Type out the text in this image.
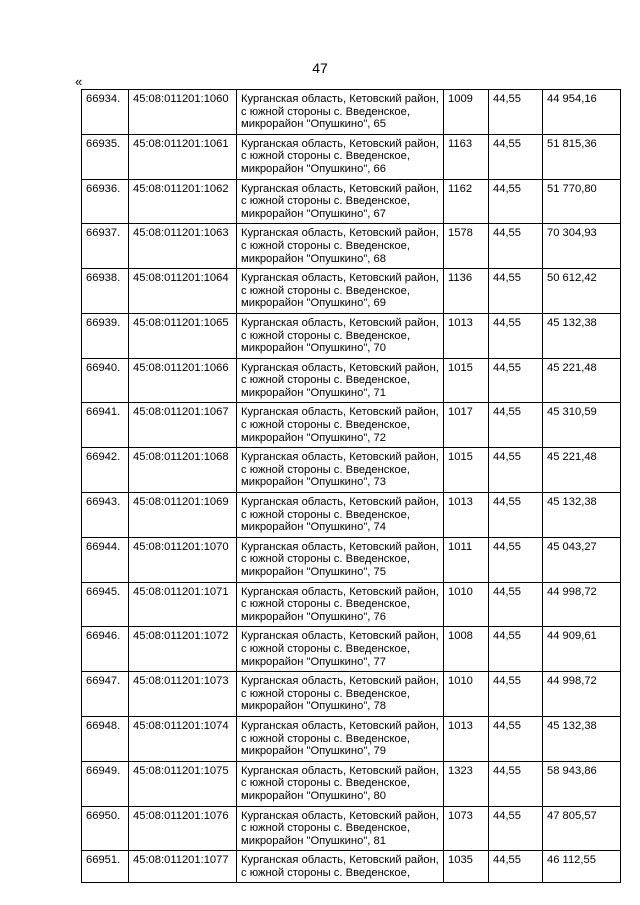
47
«
66934.	45:08:011201:1060	Курганская область, Кетовский район,
с южной стороны с. Введенское,
микрорайон "Опушкино", 65	1009	44,55	44 954,16
66935.	45:08:011201:1061	Курганская область, Кетовский район,
с южной стороны с. Введенское,
микрорайон "Опушкино", 66	1163	44,55	51 815,36
66936.	45:08:011201:1062	Курганская область, Кетовский район,
с южной стороны с. Введенское,
микрорайон "Опушкино", 67	1162	44,55	51 770,80
66937.	45:08:011201:1063	Курганская область, Кетовский район,
с южной стороны с. Введенское,
микрорайон "Опушкино", 68	1578	44,55	70 304,93
66938.	45:08:011201:1064	Курганская область, Кетовский район,
с южной стороны с. Введенское,
микрорайон "Опушкино", 69	1136	44,55	50 612,42
66939.	45:08:011201:1065	Курганская область, Кетовский район,
с южной стороны с. Введенское,
микрорайон "Опушкино", 70	1013	44,55	45 132,38
66940.	45:08:011201:1066	Курганская область, Кетовский район,
с южной стороны с. Введенское,
микрорайон "Опушкино", 71	1015	44,55	45 221,48
66941.	45:08:011201:1067	Курганская область, Кетовский район,
с южной стороны с. Введенское,
микрорайон "Опушкино", 72	1017	44,55	45 310,59
66942.	45:08:011201:1068	Курганская область, Кетовский район,
с южной стороны с. Введенское,
микрорайон "Опушкино", 73	1015	44,55	45 221,48
66943.	45:08:011201:1069	Курганская область, Кетовский район,
с южной стороны с. Введенское,
микрорайон "Опушкино", 74	1013	44,55	45 132,38
66944.	45:08:011201:1070	Курганская область, Кетовский район,
с южной стороны с. Введенское,
микрорайон "Опушкино", 75	1011	44,55	45 043,27
66945.	45:08:011201:1071	Курганская область, Кетовский район,
с южной стороны с. Введенское,
микрорайон "Опушкино", 76	1010	44,55	44 998,72
66946.	45:08:011201:1072	Курганская область, Кетовский район,
с южной стороны с. Введенское,
микрорайон "Опушкино", 77	1008	44,55	44 909,61
66947.	45:08:011201:1073	Курганская область, Кетовский район,
с южной стороны с. Введенское,
микрорайон "Опушкино", 78	1010	44,55	44 998,72
66948.	45:08:011201:1074	Курганская область, Кетовский район,
с южной стороны с. Введенское,
микрорайон "Опушкино", 79	1013	44,55	45 132,38
66949.	45:08:011201:1075	Курганская область, Кетовский район,
с южной стороны с. Введенское,
микрорайон "Опушкино", 80	1323	44,55	58 943,86
66950.	45:08:011201:1076	Курганская область, Кетовский район,
с южной стороны с. Введенское,
микрорайон "Опушкино", 81	1073	44,55	47 805,57
66951.	45:08:011201:1077	Курганская область, Кетовский район,
с южной стороны с. Введенское,	1035	44,55	46 112,55
